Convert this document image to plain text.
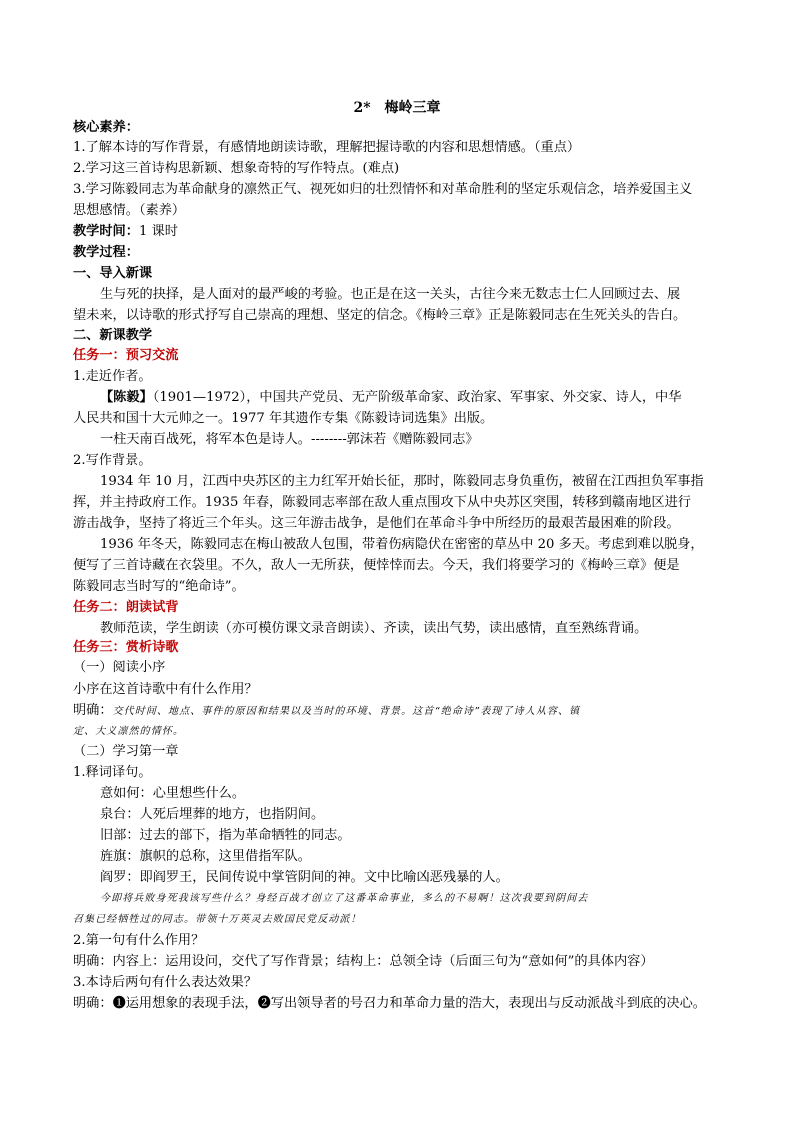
2*　梅岭三章
核心素养：
1.了解本诗的写作背景，有感情地朗读诗歌，理解把握诗歌的内容和思想情感。（重点）
2.学习这三首诗构思新颖、想象奇特的写作特点。(难点)
3.学习陈毅同志为革命献身的凛然正气、视死如归的壮烈情怀和对革命胜利的坚定乐观信念，培养爱国主义
思想感情。（素养）
教学时间：1 课时
教学过程：
一、导入新课
生与死的抉择，是人面对的最严峻的考验。也正是在这一关头，古往今来无数志士仁人回顾过去、展
望未来，以诗歌的形式抒写自己崇高的理想、坚定的信念。《梅岭三章》正是陈毅同志在生死关头的告白。
二、新课教学
任务一：预习交流
1.走近作者。
【陈毅】（1901—1972），中国共产党员、无产阶级革命家、政治家、军事家、外交家、诗人，中华
人民共和国十大元帅之一。1977 年其遗作专集《陈毅诗词选集》出版。
一柱天南百战死，将军本色是诗人。--------郭沫若《赠陈毅同志》
2.写作背景。
1934 年 10 月，江西中央苏区的主力红军开始长征，那时，陈毅同志身负重伤，被留在江西担负军事指
挥，并主持政府工作。1935 年春，陈毅同志率部在敌人重点围攻下从中央苏区突围，转移到赣南地区进行
游击战争，坚持了将近三个年头。这三年游击战争，是他们在革命斗争中所经历的最艰苦最困难的阶段。
1936 年冬天，陈毅同志在梅山被敌人包围，带着伤病隐伏在密密的草丛中 20 多天。考虑到难以脱身，
便写了三首诗藏在衣袋里。不久，敌人一无所获，便悻悻而去。今天，我们将要学习的《梅岭三章》便是
陈毅同志当时写的“绝命诗”。
任务二：朗读试背
教师范读，学生朗读（亦可模仿课文录音朗读）、齐读，读出气势，读出感情，直至熟练背诵。
任务三：赏析诗歌
（一）阅读小序
小序在这首诗歌中有什么作用？
明确：交代时间、地点、事件的原因和结果以及当时的环境、背景。这首“绝命诗”表现了诗人从容、镇
定、大义凛然的情怀。
（二）学习第一章
1.释词译句。
意如何：心里想些什么。
泉台：人死后埋葬的地方，也指阴间。
旧部：过去的部下，指为革命牺牲的同志。
旌旗：旗帜的总称，这里借指军队。
阎罗：即阎罗王，民间传说中掌管阴间的神。文中比喻凶恶残暴的人。
今即将兵败身死我该写些什么？身经百战才创立了这番革命事业，多么的不易啊！这次我要到阴间去
召集已经牺牲过的同志。带领十万英灵去败国民党反动派！
2.第一句有什么作用？
明确：内容上：运用设问，交代了写作背景；结构上：总领全诗（后面三句为“意如何”的具体内容）
3.本诗后两句有什么表达效果？
明确：❶运用想象的表现手法，❷写出领导者的号召力和革命力量的浩大，表现出与反动派战斗到底的决心。
